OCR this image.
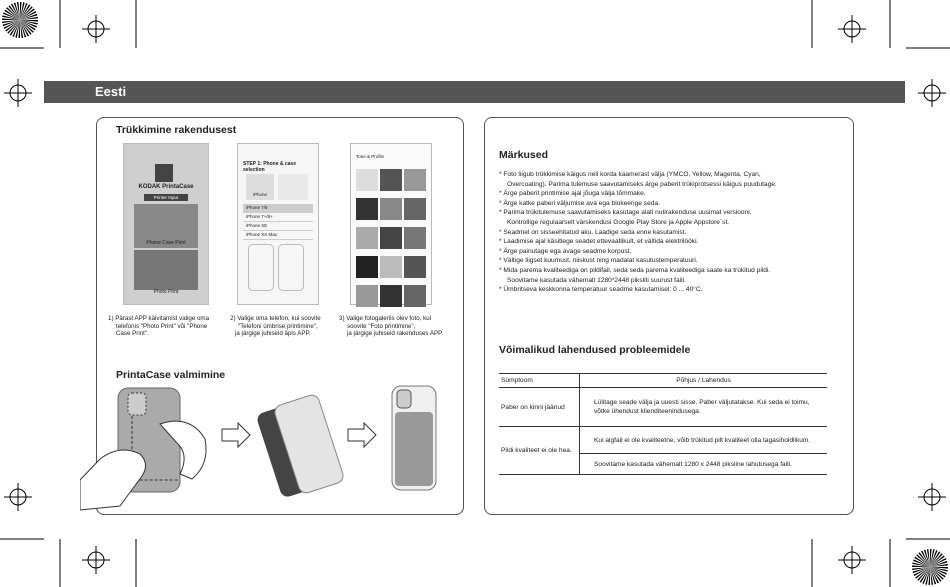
Eesti
Trükkimine rakendusest
KODAK PrintaCase
Printer Input
Phone Case Print
Photo Print
STEP 1: Phone & case selection
iPhone
iPhone 7/8
iPhone 7+/8+
iPhone SE
iPhone XS Max
Tone & Profile
1) Pärast APP käivitamist valige oma
telefonis "Photo Print" või "Phone
Case Print".
2) Valige oma telefon, kui soovite
"Telefoni ümbrise printimine",
ja järgige juhiseid äpis APP.
3) Valige fotogaleriis olev foto, kui
soovite "Foto printimine",
ja järgige juhiseid rakenduses APP.
PrintaCase valmimine
Märkused
* Foto liigub trükkimise käigus neli korda kaamerast välja (YMCO, Yellow, Magenta, Cyan,
Overcoating). Parima tulemuse saavutamiseks ärge paberit trükiprotsessi käigus puudutage.
* Ärge paberit printimise ajal jõuga välja tõmmake.
* Ärge katke paberi väljumise ava ega blokeerige seda.
* Parima trükitulemuse saavutamiseks kasutage alati nutirakenduse uusimat versiooni.
Kontrollige regulaarselt värskendusi Google Play Store ja Apple Appstore´st.
* Seadmel on sisseehitatud aku. Laadige seda enne kasutamist.
* Laadimise ajal käsitlege seadet ettevaatlikult, et vältida elektrilööki.
* Ärge painutage ega avage seadme korpust.
* Vältige liigset kuumust, niiskust ning madalat kasutustemperatuuri.
* Mida parema kvaliteediga on pildifail, seda seda parema kvaliteediga saate ka trükitud pildi.
Soovitame kasutada vähemalt 1280*2448 piksliti suurust faili.
* Ümbritseva keskkonna temperatuur seadme kasutamisel: 0 ... 40°C.
Võimalikud lahendused probleemidele
Sümptoom	Põhjus / Lahendus
Paber on kinni jäänud	Lülitage seade välja ja uuesti sisse. Paber väljutatakse. Kui seda ei toimu, võtke ühendust klienditeenindusega.
Pildi kvaliteet ei ole hea.	Kui algfail ei ole kvaliteetne, võib trükitud pilt kvaliteet olla tagasihoidlikum.
	Soovitame kasutada vähemalt 1280 x 2448 piksline lahutusega faili.
